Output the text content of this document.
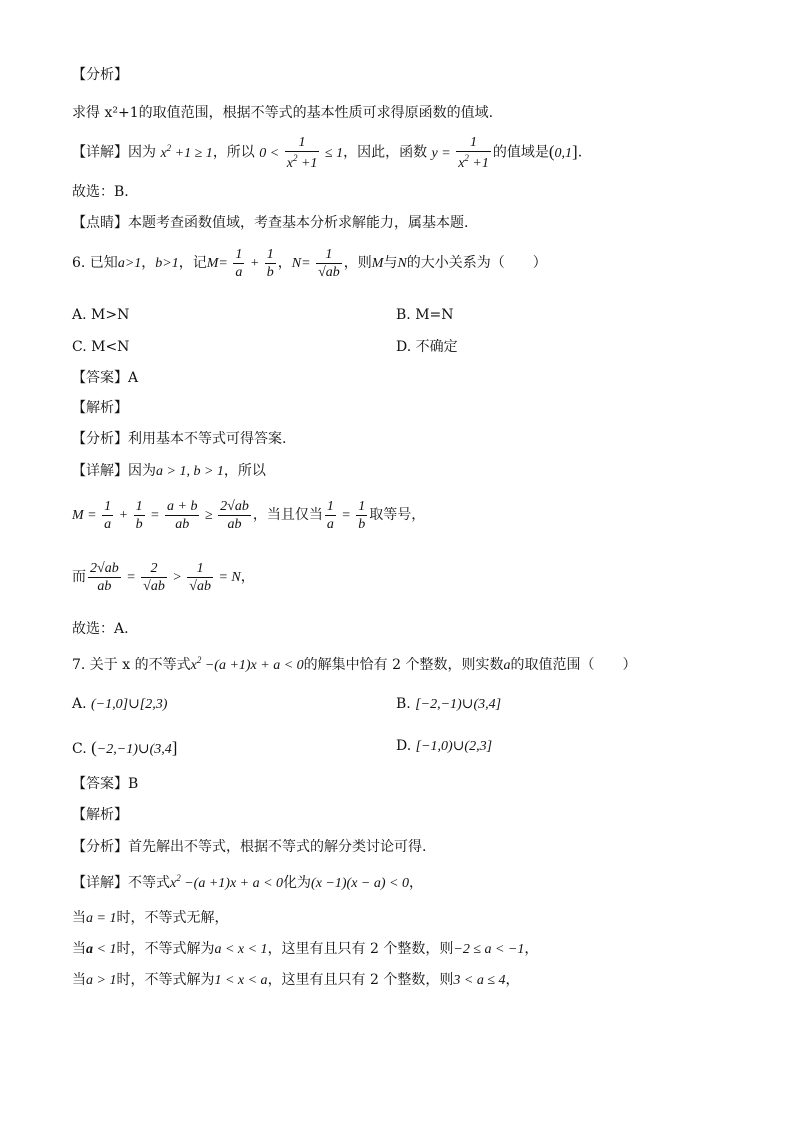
【分析】
求得 x²+1的取值范围，根据不等式的基本性质可求得原函数的值域.
【详解】因为 $x^2 +1 \ge 1$，所以 $0 < \frac{1}{x^2 +1} \le 1$，因此，函数 $y = \frac{1}{x^2 +1}$ 的值域是(0,1].
故选：B.
【点睛】本题考查函数值域，考查基本分析求解能力，属基本题.
6. 已知a>1，b>1，记$M= \frac{1}{a} + \frac{1}{b}$ ，$N= \frac{1}{√ab}$ ，则M与N的大小关系为（　　）
A. M>N	B. M=N
C. M<N	D. 不确定
【答案】A
【解析】
【分析】利用基本不等式可得答案.
【详解】因为a > 1, b > 1，所以
$M = \frac{1}{a} + \frac{1}{b} = \frac{a + b}{ab} \ge \frac{2√ab}{ab}$ ，当且仅当 $\frac{1}{a} = \frac{1}{b}$ 取等号，
而 $\frac{2√ab}{ab} = \frac{2}{√ab} > \frac{1}{√ab} = N$，
故选：A.
7. 关于 x 的不等式$x^2 -(a +1)x + a < 0$的解集中恰有 2 个整数，则实数a的取值范围（　　）
A. (−1,0]∪[2,3)	B. [−2,−1)∪(3,4]
C. (−2,−1)∪(3,4]	D. [−1,0)∪(2,3]
【答案】B
【解析】
【分析】首先解出不等式，根据不等式的解分类讨论可得.
【详解】不等式$x^2 -(a +1)x + a < 0$化为(x −1)(x − a) < 0，
当a = 1时，不等式无解，
当a < 1时，不等式解为a < x < 1，这里有且只有 2 个整数，则−2 ≤ a < −1，
当a > 1时，不等式解为1 < x < a，这里有且只有 2 个整数，则3 < a ≤ 4，
